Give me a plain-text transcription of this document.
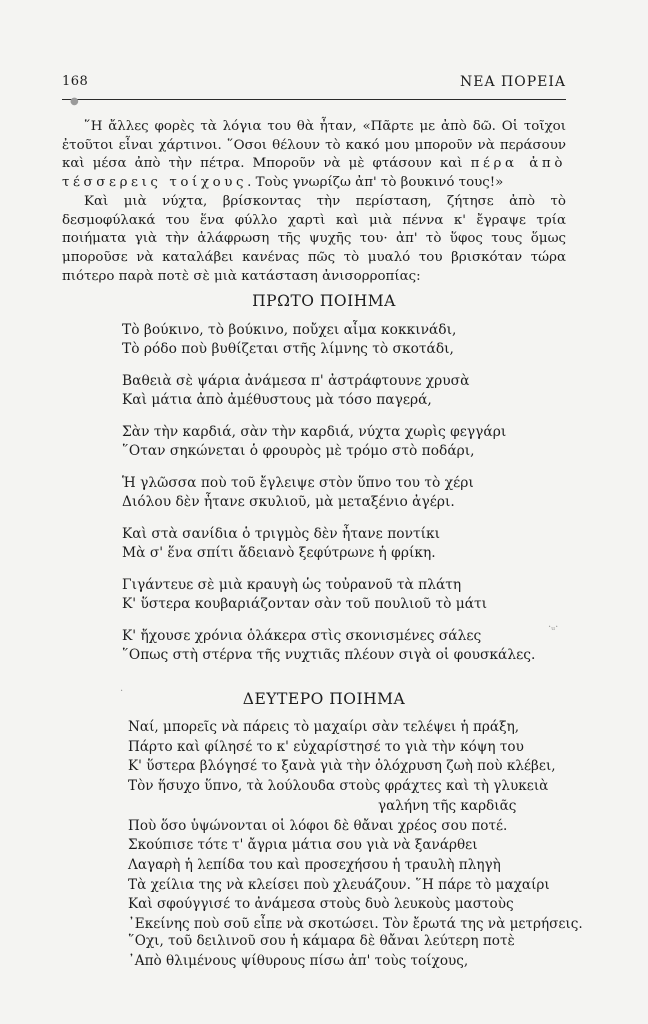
168	ΝΕΑ ΠΟΡΕΙΑ
●

῞Η ἄλλες φορὲς τὰ λόγια του θὰ ἦταν, «Πᾶρτε με ἀπὸ δῶ. Οἱ τοῖχοι ἐτοῦτοι εἶναι χάρτινοι. ῞Οσοι θέλουν τὸ κακό μου μποροῦν νὰ περάσουν καὶ μέσα ἀπὸ τὴν πέτρα. Μποροῦν νὰ μὲ φτάσουν καὶ πέρα ἀπὸ τέσσερεις τοίχους. Τοὺς γνωρίζω ἀπ' τὸ βουκινό τους!»

Καὶ μιὰ νύχτα, βρίσκοντας τὴν περίσταση, ζήτησε ἀπὸ τὸ δεσμοφύλακά του ἕνα φύλλο χαρτὶ καὶ μιὰ πέννα κ' ἔγραψε τρία ποιήματα γιὰ τὴν ἀλάφρωση τῆς ψυχῆς του· ἀπ' τὸ ὕφος τους ὅμως μποροῦσε νὰ καταλάβει κανένας πῶς τὸ μυαλό του βρισκόταν τώρα πιότερο παρὰ ποτὲ σὲ μιὰ κατάσταση ἀνισορροπίας:

ΠΡΩΤΟ ΠΟΙΗΜΑ
Τὸ βούκινο, τὸ βούκινο, ποὔχει αἷμα κοκκινάδι,
Τὸ ρόδο ποὺ βυθίζεται στῆς λίμνης τὸ σκοτάδι,
Βαθειὰ σὲ ψάρια ἀνάμεσα π' ἀστράφτουνε χρυσὰ
Καὶ μάτια ἀπὸ ἀμέθυστους μὰ τόσο παγερά,
Σὰν τὴν καρδιά, σὰν τὴν καρδιά, νύχτα χωρὶς φεγγάρι
῞Οταν σηκώνεται ὁ φρουρὸς μὲ τρόμο στὸ ποδάρι,
Ἡ γλῶσσα ποὺ τοῦ ἔγλειψε στὸν ὕπνο του τὸ χέρι
Διόλου δὲν ἦτανε σκυλιοῦ, μὰ μεταξένιο ἀγέρι.
Καὶ στὰ σανίδια ὁ τριγμὸς δὲν ἦτανε ποντίκι
Μὰ σ' ἕνα σπίτι ἄδειανὸ ξεφύτρωνε ἡ φρίκη.
Γιγάντευε σὲ μιὰ κραυγὴ ὡς τοὐρανοῦ τὰ πλάτη
Κ' ὕστερα κουβαριάζονταν σὰν τοῦ πουλιοῦ τὸ μάτι
Κ' ἤχουσε χρόνια ὁλάκερα στὶς σκονισμένες σάλες
῞Οπως στὴ στέρνα τῆς νυχτιᾶς πλέουν σιγὰ οἱ φουσκάλες.
·ᵤ·
·	ΔΕΥΤΕΡΟ ΠΟΙΗΜΑ
Ναί, μπορεῖς νὰ πάρεις τὸ μαχαίρι σὰν τελέψει ἡ πράξη,
Πάρτο καὶ φίλησέ το κ' εὐχαρίστησέ το γιὰ τὴν κόψη του
Κ' ὕστερα βλόγησέ το ξανὰ γιὰ τὴν ὁλόχρυση ζωὴ ποὺ κλέβει,
Τὸν ἥσυχο ὕπνο, τὰ λούλουδα στοὺς φράχτες καὶ τὴ γλυκειὰ
γαλήνη τῆς καρδιᾶς
Ποὺ ὅσο ὑψώνονται οἱ λόφοι δὲ θἄναι χρέος σου ποτέ.
Σκούπισε τότε τ' ἄγρια μάτια σου γιὰ νὰ ξανάρθει
Λαγαρὴ ἡ λεπίδα του καὶ προσεχήσου ἡ τραυλὴ πληγὴ
Τὰ χείλια της νὰ κλείσει ποὺ χλευάζουν. ῞Η πάρε τὸ μαχαίρι
Καὶ σφούγγισέ το ἀνάμεσα στοὺς δυὸ λευκοὺς μαστοὺς
᾿Εκείνης ποὺ σοῦ εἶπε νὰ σκοτώσει. Τὸν ἔρωτά της νὰ μετρήσεις.
῞Οχι, τοῦ δειλινοῦ σου ἡ κάμαρα δὲ θἄναι λεύτερη ποτὲ
᾿Απὸ θλιμένους ψίθυρους πίσω ἀπ' τοὺς τοίχους,
